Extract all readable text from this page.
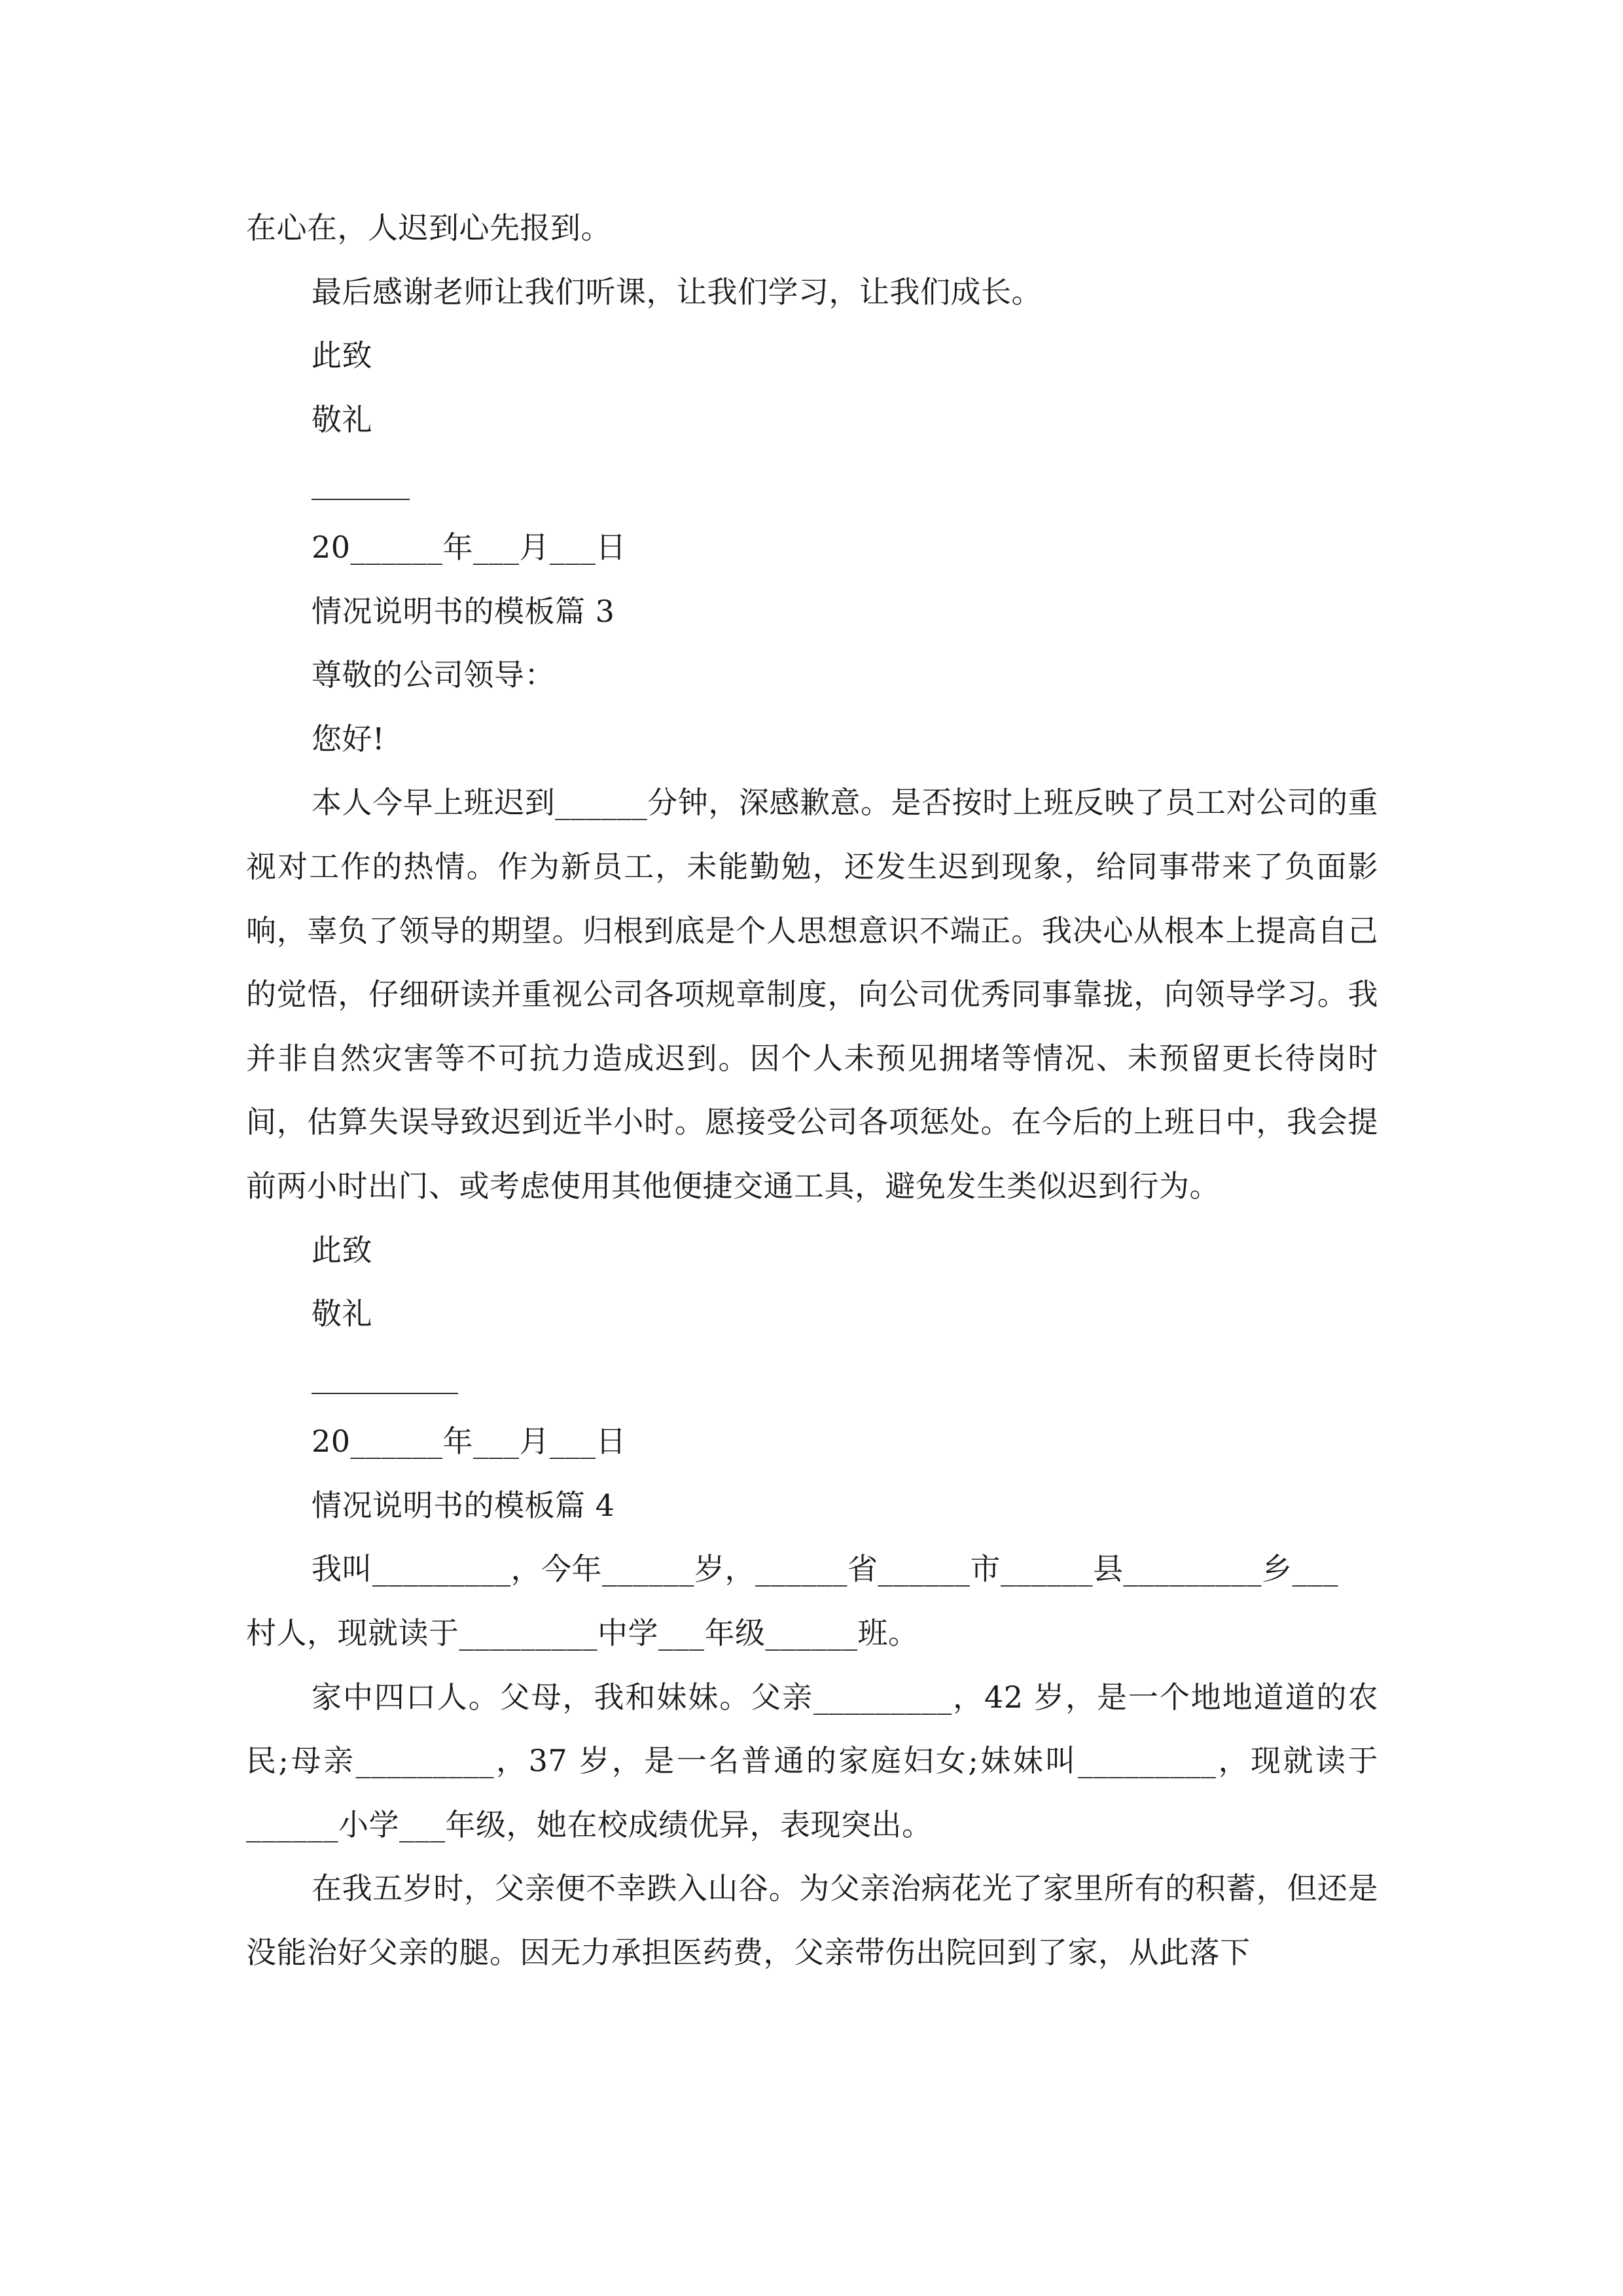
在心在，人迟到心先报到。
最后感谢老师让我们听课，让我们学习，让我们成长。
此致
敬礼
20______年___月___日
情况说明书的模板篇 3
尊敬的公司领导：
您好!
本人今早上班迟到______分钟，深感歉意。是否按时上班反映了员工对公司的重视对工作的热情。作为新员工，未能勤勉，还发生迟到现象，给同事带来了负面影响，辜负了领导的期望。归根到底是个人思想意识不端正。我决心从根本上提高自己的觉悟，仔细研读并重视公司各项规章制度，向公司优秀同事靠拢，向领导学习。我并非自然灾害等不可抗力造成迟到。因个人未预见拥堵等情况、未预留更长待岗时间，估算失误导致迟到近半小时。愿接受公司各项惩处。在今后的上班日中，我会提前两小时出门、或考虑使用其他便捷交通工具，避免发生类似迟到行为。
此致
敬礼
20______年___月___日
情况说明书的模板篇 4
我叫_________，今年______岁，______省______市______县_________乡___
村人，现就读于_________中学___年级______班。
家中四口人。父母，我和妹妹。父亲_________，42 岁，是一个地地道道的农民;母亲_________，37 岁，是一名普通的家庭妇女;妹妹叫_________，现就读于______小学___年级，她在校成绩优异，表现突出。
在我五岁时，父亲便不幸跌入山谷。为父亲治病花光了家里所有的积蓄，但还是没能治好父亲的腿。因无力承担医药费，父亲带伤出院回到了家，从此落下
